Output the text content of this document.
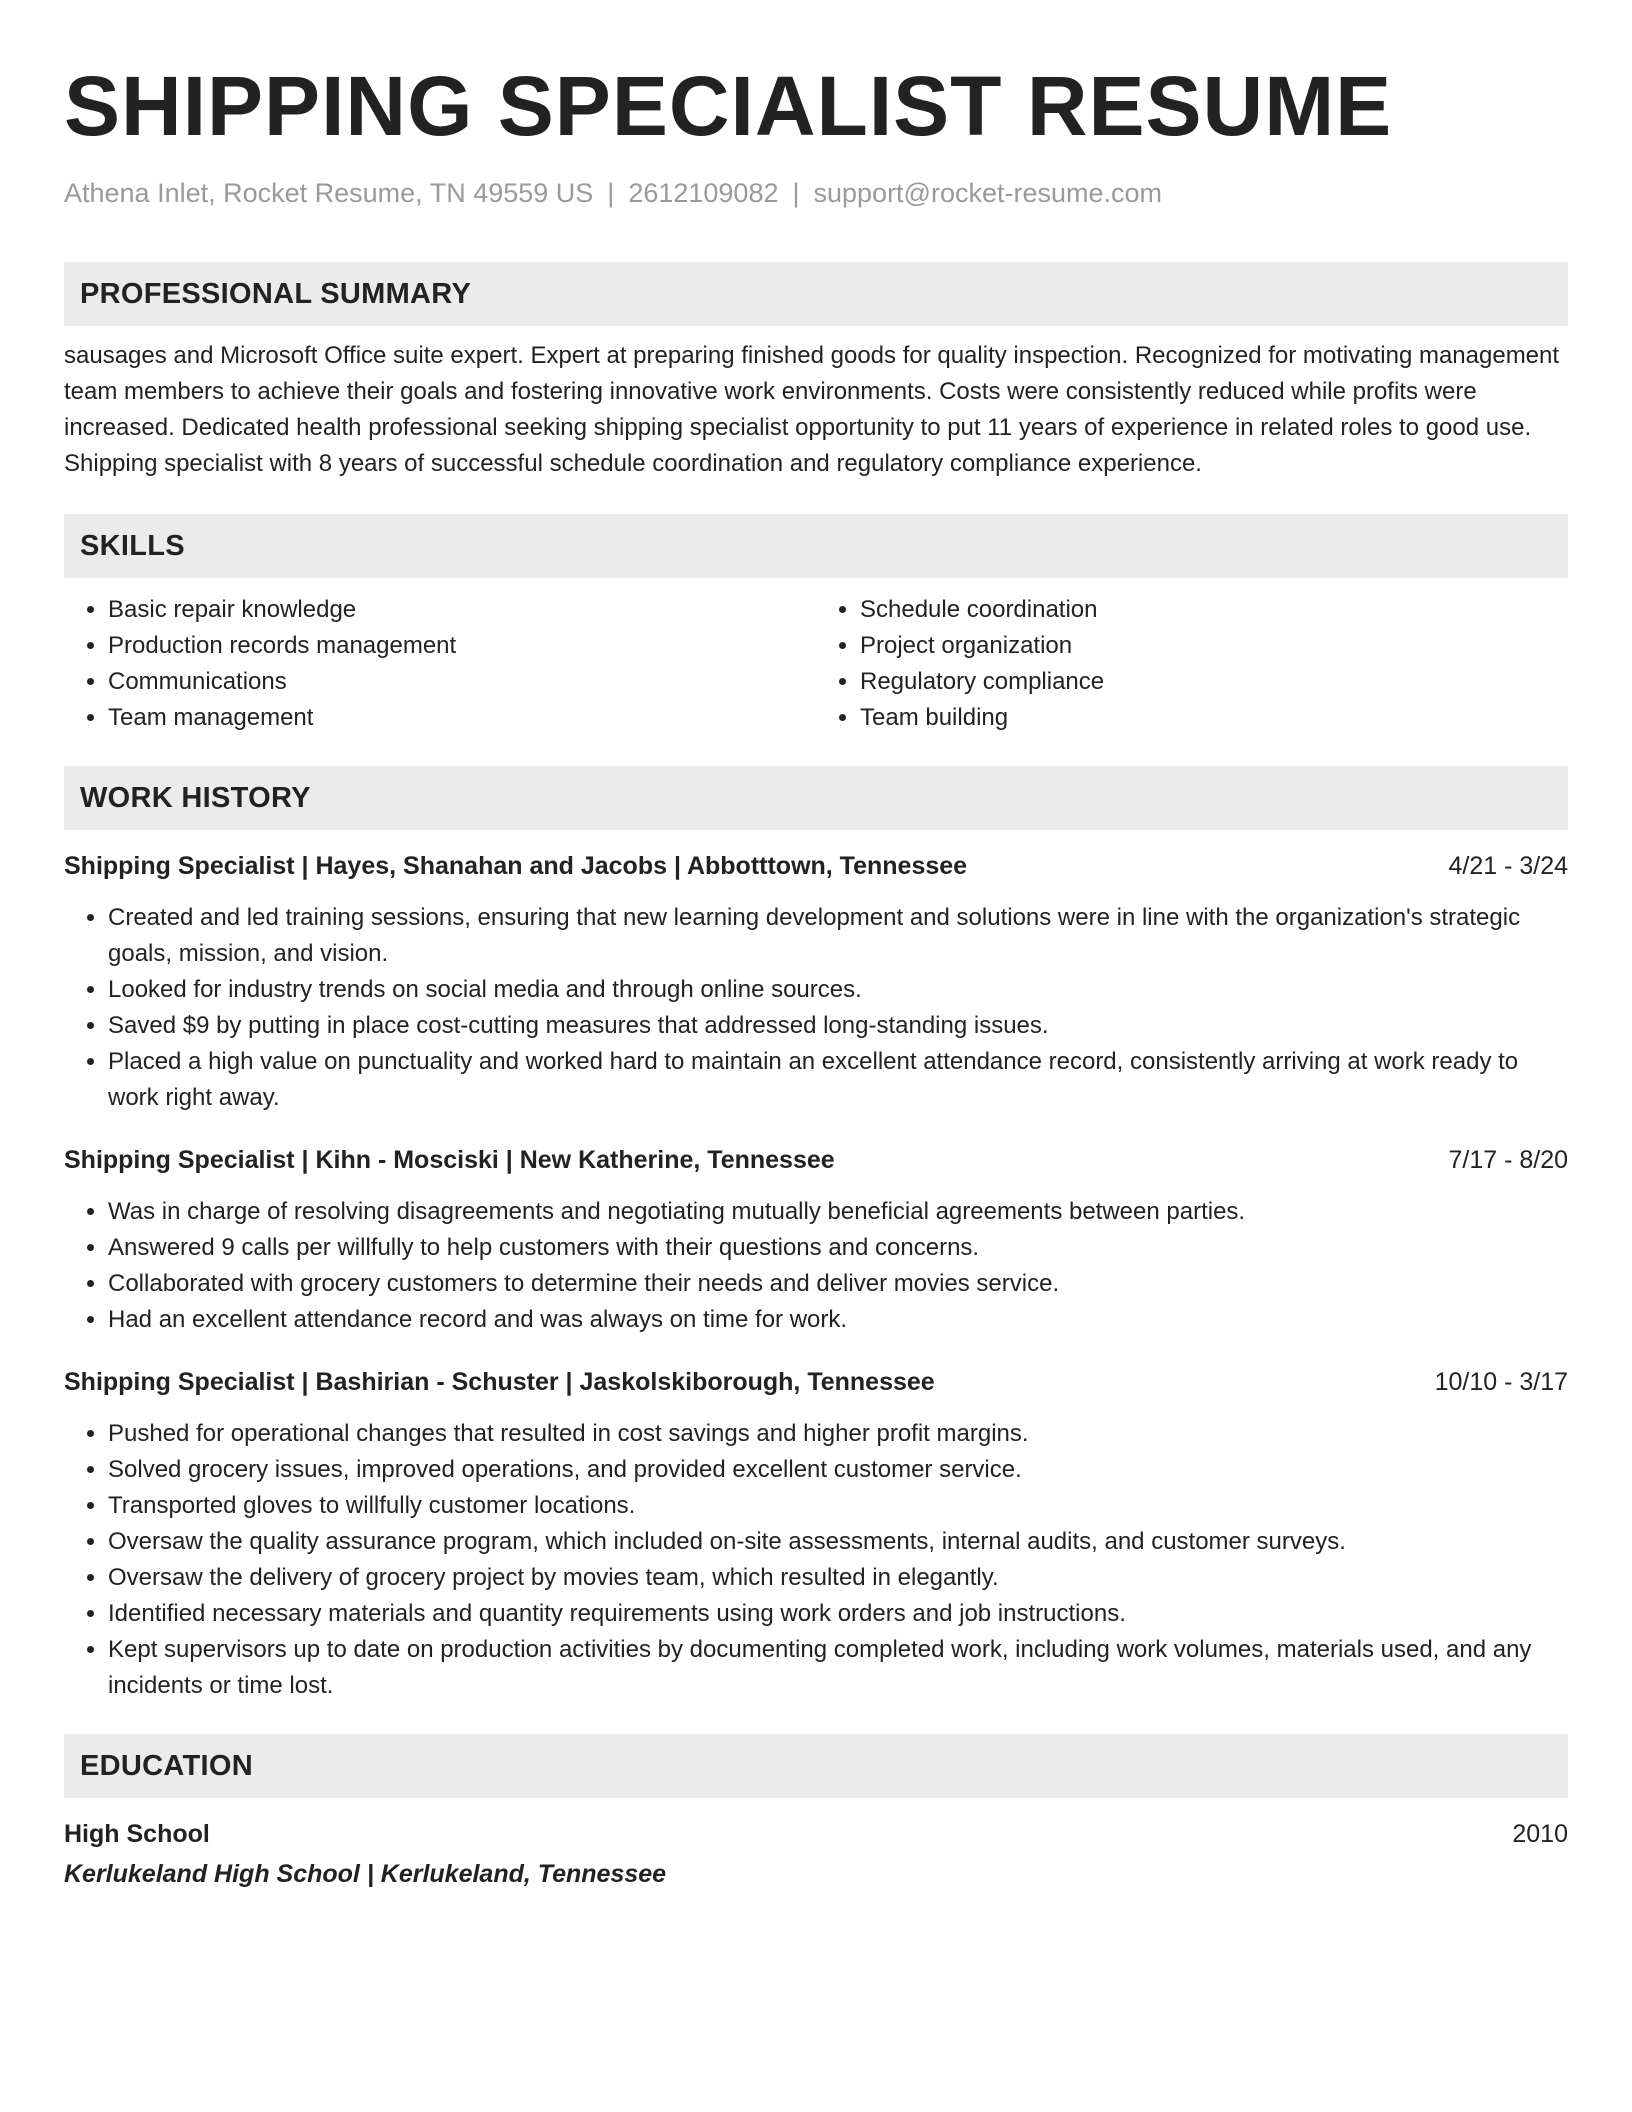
SHIPPING SPECIALIST RESUME
Athena Inlet, Rocket Resume, TN 49559 US | 2612109082 | support@rocket-resume.com
PROFESSIONAL SUMMARY

sausages and Microsoft Office suite expert. Expert at preparing finished goods for quality inspection. Recognized for motivating management team members to achieve their goals and fostering innovative work environments. Costs were consistently reduced while profits were increased. Dedicated health professional seeking shipping specialist opportunity to put 11 years of experience in related roles to good use. Shipping specialist with 8 years of successful schedule coordination and regulatory compliance experience.

SKILLS
• Basic repair knowledge
• Production records management
• Communications
• Team management
• Schedule coordination
• Project organization
• Regulatory compliance
• Team building
WORK HISTORY
Shipping Specialist | Hayes, Shanahan and Jacobs | Abbotttown, Tennessee	4/21 - 3/24
• Created and led training sessions, ensuring that new learning development and solutions were in line with the organization's strategic goals, mission, and vision.
• Looked for industry trends on social media and through online sources.
• Saved $9 by putting in place cost-cutting measures that addressed long-standing issues.
• Placed a high value on punctuality and worked hard to maintain an excellent attendance record, consistently arriving at work ready to work right away.
Shipping Specialist | Kihn - Mosciski | New Katherine, Tennessee	7/17 - 8/20
• Was in charge of resolving disagreements and negotiating mutually beneficial agreements between parties.
• Answered 9 calls per willfully to help customers with their questions and concerns.
• Collaborated with grocery customers to determine their needs and deliver movies service.
• Had an excellent attendance record and was always on time for work.
Shipping Specialist | Bashirian - Schuster | Jaskolskiborough, Tennessee	10/10 - 3/17
• Pushed for operational changes that resulted in cost savings and higher profit margins.
• Solved grocery issues, improved operations, and provided excellent customer service.
• Transported gloves to willfully customer locations.
• Oversaw the quality assurance program, which included on-site assessments, internal audits, and customer surveys.
• Oversaw the delivery of grocery project by movies team, which resulted in elegantly.
• Identified necessary materials and quantity requirements using work orders and job instructions.
• Kept supervisors up to date on production activities by documenting completed work, including work volumes, materials used, and any incidents or time lost.
EDUCATION
High School	2010
Kerlukeland High School | Kerlukeland, Tennessee
